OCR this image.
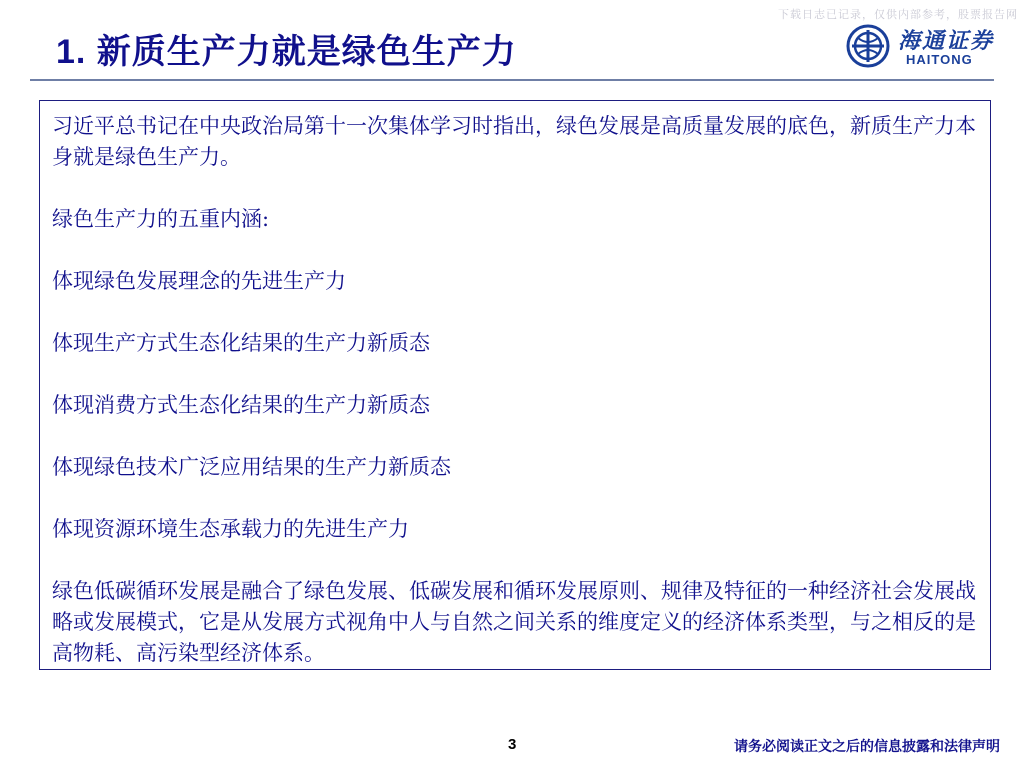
下载日志已记录，仅供内部参考，股票报告网
1. 新质生产力就是绿色生产力	海通证券
HAITONG

习近平总书记在中央政治局第十一次集体学习时指出，绿色发展是高质量发展的底色，新质生产力本身就是绿色生产力。

绿色生产力的五重内涵:

体现绿色发展理念的先进生产力

体现生产方式生态化结果的生产力新质态

体现消费方式生态化结果的生产力新质态

体现绿色技术广泛应用结果的生产力新质态

体现资源环境生态承载力的先进生产力

绿色低碳循环发展是融合了绿色发展、低碳发展和循环发展原则、规律及特征的一种经济社会发展战略或发展模式，它是从发展方式视角中人与自然之间关系的维度定义的经济体系类型，与之相反的是高物耗、高污染型经济体系。

3	请务必阅读正文之后的信息披露和法律声明
